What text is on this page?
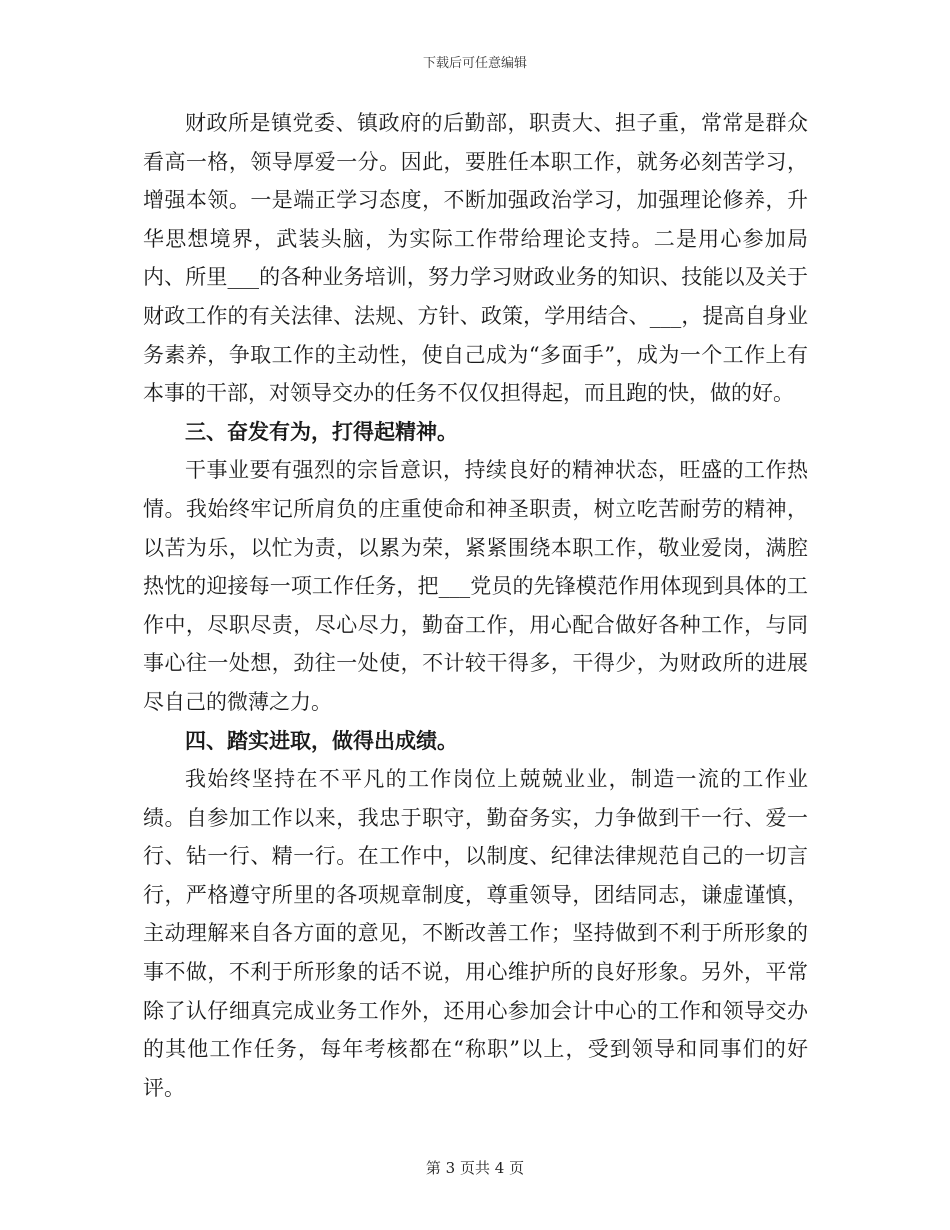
下载后可任意编辑

财政所是镇党委、镇政府的后勤部，职责大、担子重，常常是群众看高一格，领导厚爱一分。因此，要胜任本职工作，就务必刻苦学习，增强本领。一是端正学习态度，不断加强政治学习，加强理论修养，升华思想境界，武装头脑，为实际工作带给理论支持。二是用心参加局内、所里___的各种业务培训，努力学习财政业务的知识、技能以及关于财政工作的有关法律、法规、方针、政策，学用结合、___，提高自身业务素养，争取工作的主动性，使自己成为“多面手”，成为一个工作上有本事的干部，对领导交办的任务不仅仅担得起，而且跑的快，做的好。

三、奋发有为，打得起精神。

干事业要有强烈的宗旨意识，持续良好的精神状态，旺盛的工作热情。我始终牢记所肩负的庄重使命和神圣职责，树立吃苦耐劳的精神，以苦为乐，以忙为责，以累为荣，紧紧围绕本职工作，敬业爱岗，满腔热忱的迎接每一项工作任务，把___党员的先锋模范作用体现到具体的工作中，尽职尽责，尽心尽力，勤奋工作，用心配合做好各种工作，与同事心往一处想，劲往一处使，不计较干得多，干得少，为财政所的进展尽自己的微薄之力。

四、踏实进取，做得出成绩。

我始终坚持在不平凡的工作岗位上兢兢业业，制造一流的工作业绩。自参加工作以来，我忠于职守，勤奋务实，力争做到干一行、爱一行、钻一行、精一行。在工作中，以制度、纪律法律规范自己的一切言行，严格遵守所里的各项规章制度，尊重领导，团结同志，谦虚谨慎，主动理解来自各方面的意见，不断改善工作；坚持做到不利于所形象的事不做，不利于所形象的话不说，用心维护所的良好形象。另外，平常除了认仔细真完成业务工作外，还用心参加会计中心的工作和领导交办的其他工作任务，每年考核都在“称职”以上，受到领导和同事们的好评。

第 3 页共 4 页
